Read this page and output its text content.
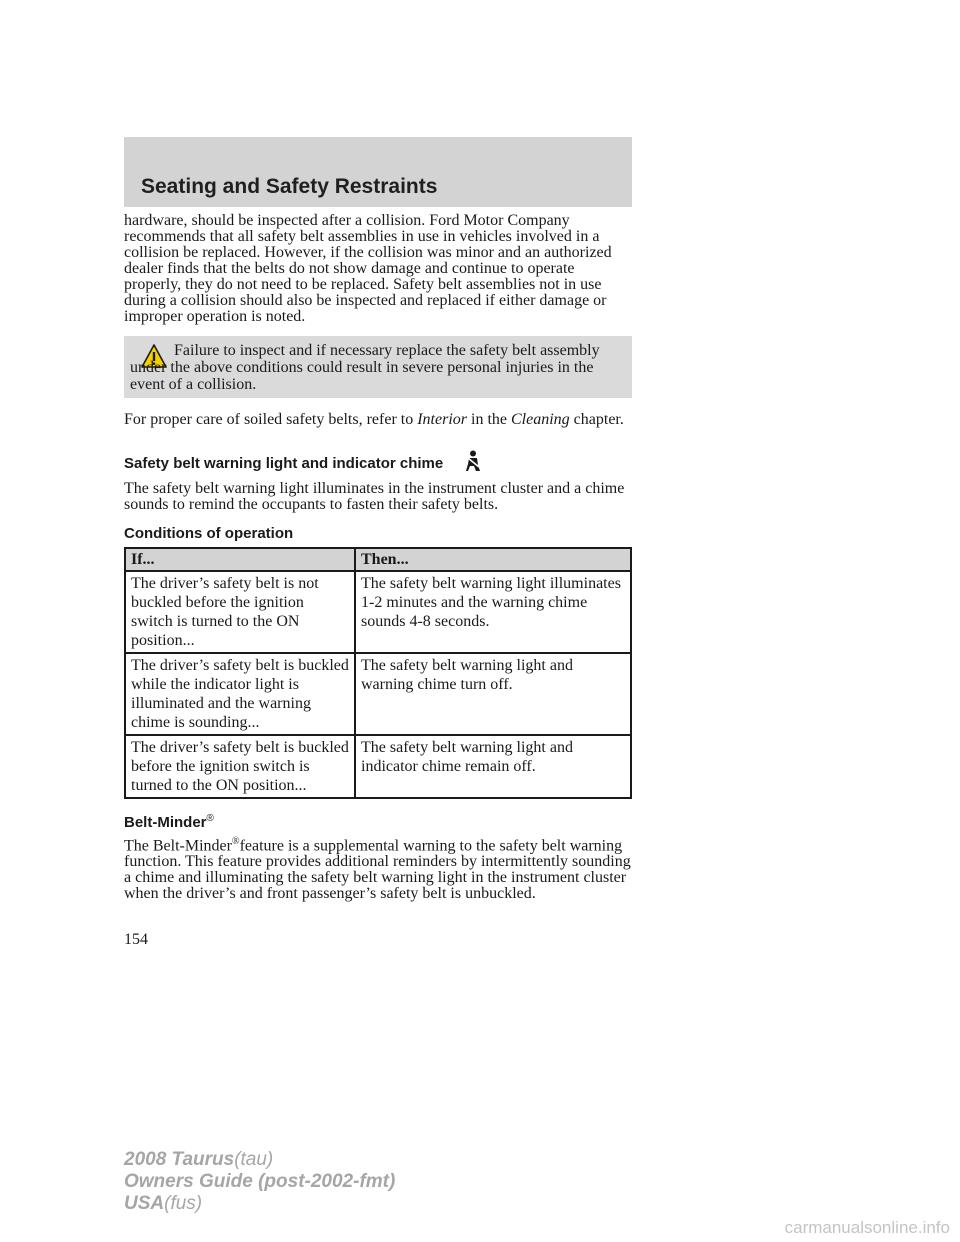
Seating and Safety Restraints
hardware, should be inspected after a collision. Ford Motor Company recommends that all safety belt assemblies in use in vehicles involved in a collision be replaced. However, if the collision was minor and an authorized dealer finds that the belts do not show damage and continue to operate properly, they do not need to be replaced. Safety belt assemblies not in use during a collision should also be inspected and replaced if either damage or improper operation is noted.
Failure to inspect and if necessary replace the safety belt assembly under the above conditions could result in severe personal injuries in the event of a collision.
For proper care of soiled safety belts, refer to Interior in the Cleaning chapter.
Safety belt warning light and indicator chime
The safety belt warning light illuminates in the instrument cluster and a chime sounds to remind the occupants to fasten their safety belts.
Conditions of operation
If...	Then...
The driver’s safety belt is not buckled before the ignition switch is turned to the ON position...	The safety belt warning light illuminates 1-2 minutes and the warning chime sounds 4-8 seconds.
The driver’s safety belt is buckled while the indicator light is illuminated and the warning chime is sounding...	The safety belt warning light and warning chime turn off.
The driver’s safety belt is buckled before the ignition switch is turned to the ON position...	The safety belt warning light and indicator chime remain off.
Belt-Minder®
The Belt-Minder®feature is a supplemental warning to the safety belt warning function. This feature provides additional reminders by intermittently sounding a chime and illuminating the safety belt warning light in the instrument cluster when the driver’s and front passenger’s safety belt is unbuckled.
154
2008 Taurus(tau)
Owners Guide (post-2002-fmt)
USA(fus)
carmanualsonline.info
